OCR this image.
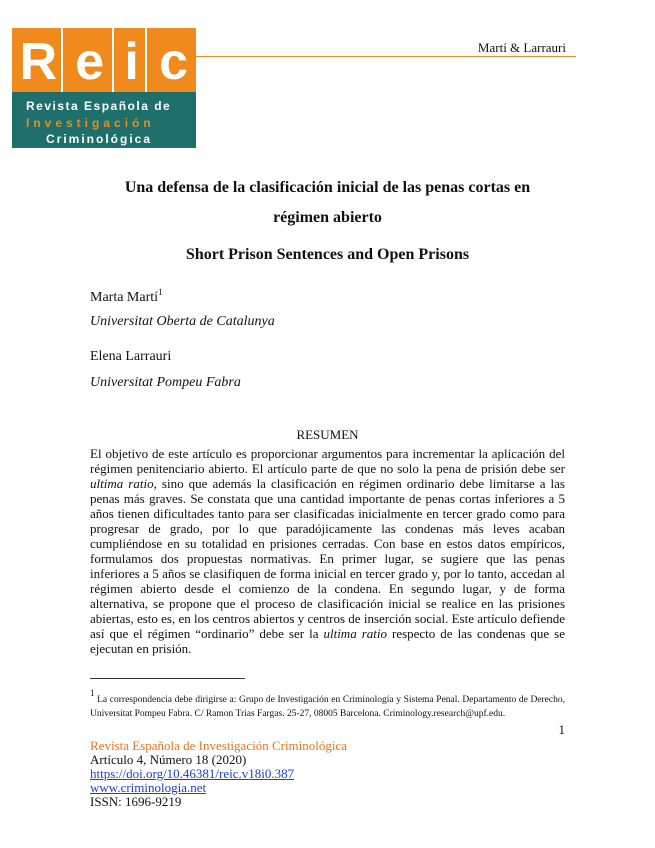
R e i c
Revista Española de
Investigación
Criminológica
Martí & Larrauri
Una defensa de la clasificación inicial de las penas cortas en
régimen abierto
Short Prison Sentences and Open Prisons
Marta Martí$^1$
Universitat Oberta de Catalunya
Elena Larrauri
Universitat Pompeu Fabra
RESUMEN
El objetivo de este artículo es proporcionar argumentos para incrementar la aplicación del régimen penitenciario abierto. El artículo parte de que no solo la pena de prisión debe ser ultima ratio, sino que además la clasificación en régimen ordinario debe limitarse a las penas más graves. Se constata que una cantidad importante de penas cortas inferiores a 5 años tienen dificultades tanto para ser clasificadas inicialmente en tercer grado como para progresar de grado, por lo que paradójicamente las condenas más leves acaban cumpliéndose en su totalidad en prisiones cerradas. Con base en estos datos empíricos, formulamos dos propuestas normativas. En primer lugar, se sugiere que las penas inferiores a 5 años se clasifiquen de forma inicial en tercer grado y, por lo tanto, accedan al régimen abierto desde el comienzo de la condena. En segundo lugar, y de forma alternativa, se propone que el proceso de clasificación inicial se realice en las prisiones abiertas, esto es, en los centros abiertos y centros de inserción social. Este artículo defiende así que el régimen “ordinario” debe ser la ultima ratio respecto de las condenas que se ejecutan en prisión.
$^1$ La correspondencia debe dirigirse a: Grupo de Investigación en Criminología y Sistema Penal. Departamento de Derecho, Universitat Pompeu Fabra. C/ Ramon Trias Fargas. 25-27, 08005 Barcelona. Criminology.research@upf.edu.
1
Revista Española de Investigación Criminológica
Artículo 4, Número 18 (2020)
https://doi.org/10.46381/reic.v18i0.387
www.criminologia.net
ISSN: 1696-9219
